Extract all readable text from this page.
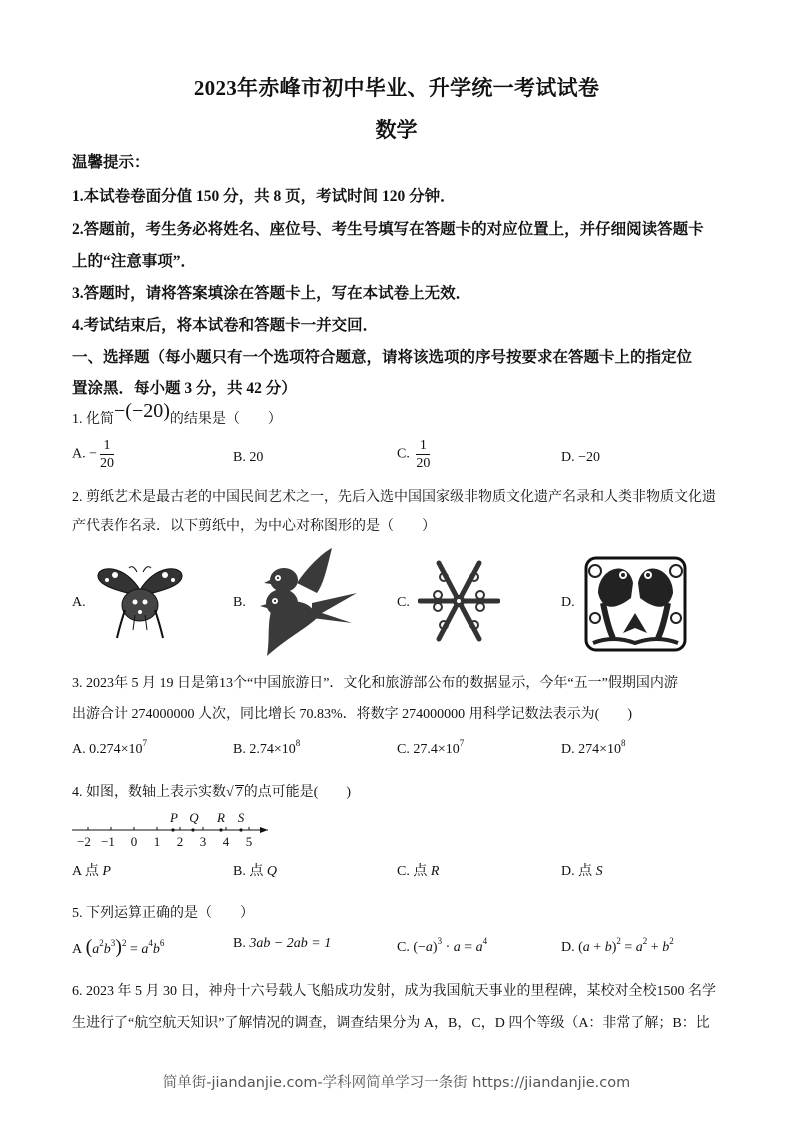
2023年赤峰市初中毕业、升学统一考试试卷
数学
温馨提示：
1.本试卷卷面分值 150 分，共 8 页，考试时间 120 分钟．
2.答题前，考生务必将姓名、座位号、考生号填写在答题卡的对应位置上，并仔细阅读答题卡
上的“注意事项”．
3.答题时，请将答案填涂在答题卡上，写在本试卷上无效．
4.考试结束后，将本试卷和答题卡一并交回．
一、选择题（每小题只有一个选项符合题意，请将该选项的序号按要求在答题卡上的指定位
置涂黑．每小题 3 分，共 42 分）
1. 化简−(−20)的结果是（　　）
A. − $\frac{1}{20}$	B. 20	C. $\frac{1}{20}$	D. −20
2. 剪纸艺术是最古老的中国民间艺术之一，先后入选中国国家级非物质文化遗产名录和人类非物质文化遗
产代表作名录．以下剪纸中，为中心对称图形的是（　　）
A.	B.	C.	D.
3. 2023年 5 月 19 日是第13个“中国旅游日”．文化和旅游部公布的数据显示，今年“五一”假期国内游
出游合计 274000000 人次，同比增长 70.83%．将数字 274000000 用科学记数法表示为(　　)
A. $0.274\times 10^7$	B. $2.74\times 10^8$	C. $27.4\times 10^7$	D. $274\times 10^8$
4. 如图，数轴上表示实数√ 7的点可能是(　　)
−2 −1 0 1 2 3 4 5
P Q R S
A 点 P	B. 点 Q	C. 点 R	D. 点 S
5. 下列运算正确的是（　　）
A $(a^2b^3)^2 = a^4b^6$	B. 3ab − 2ab = 1	C. $(-a)^3 \cdot a = a^4$	D. $(a + b)^2 = a^2 + b^2$
6. 2023 年 5 月 30 日，神舟十六号载人飞船成功发射，成为我国航天事业的里程碑，某校对全校1500 名学
生进行了“航空航天知识”了解情况的调查，调查结果分为 A，B，C，D 四个等级（A：非常了解；B：比
简单街-jiandanjie.com-学科网简单学习一条街 https://jiandanjie.com
